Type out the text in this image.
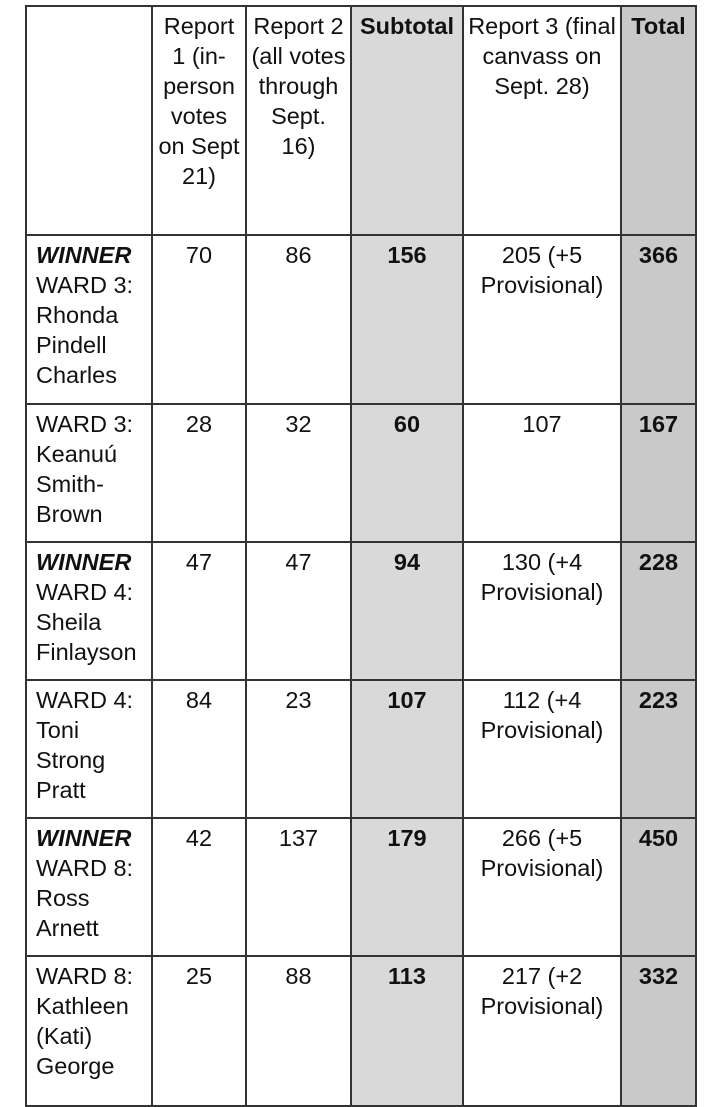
	Report 1 (in-person votes on Sept 21)	Report 2 (all votes through Sept. 16)	Subtotal	Report 3 (final canvass on Sept. 28)	Total

WINNER
WARD 3: Rhonda Pindell Charles	70	86	156	205 (+5 Provisional)	366

WARD 3: Keanuú Smith-Brown	28	32	60	107	167

WINNER
WARD 4: Sheila Finlayson	47	47	94	130 (+4 Provisional)	228

WARD 4: Toni Strong Pratt	84	23	107	112 (+4 Provisional)	223

WINNER
WARD 8: Ross Arnett	42	137	179	266 (+5 Provisional)	450

WARD 8: Kathleen (Kati) George	25	88	113	217 (+2 Provisional)	332
